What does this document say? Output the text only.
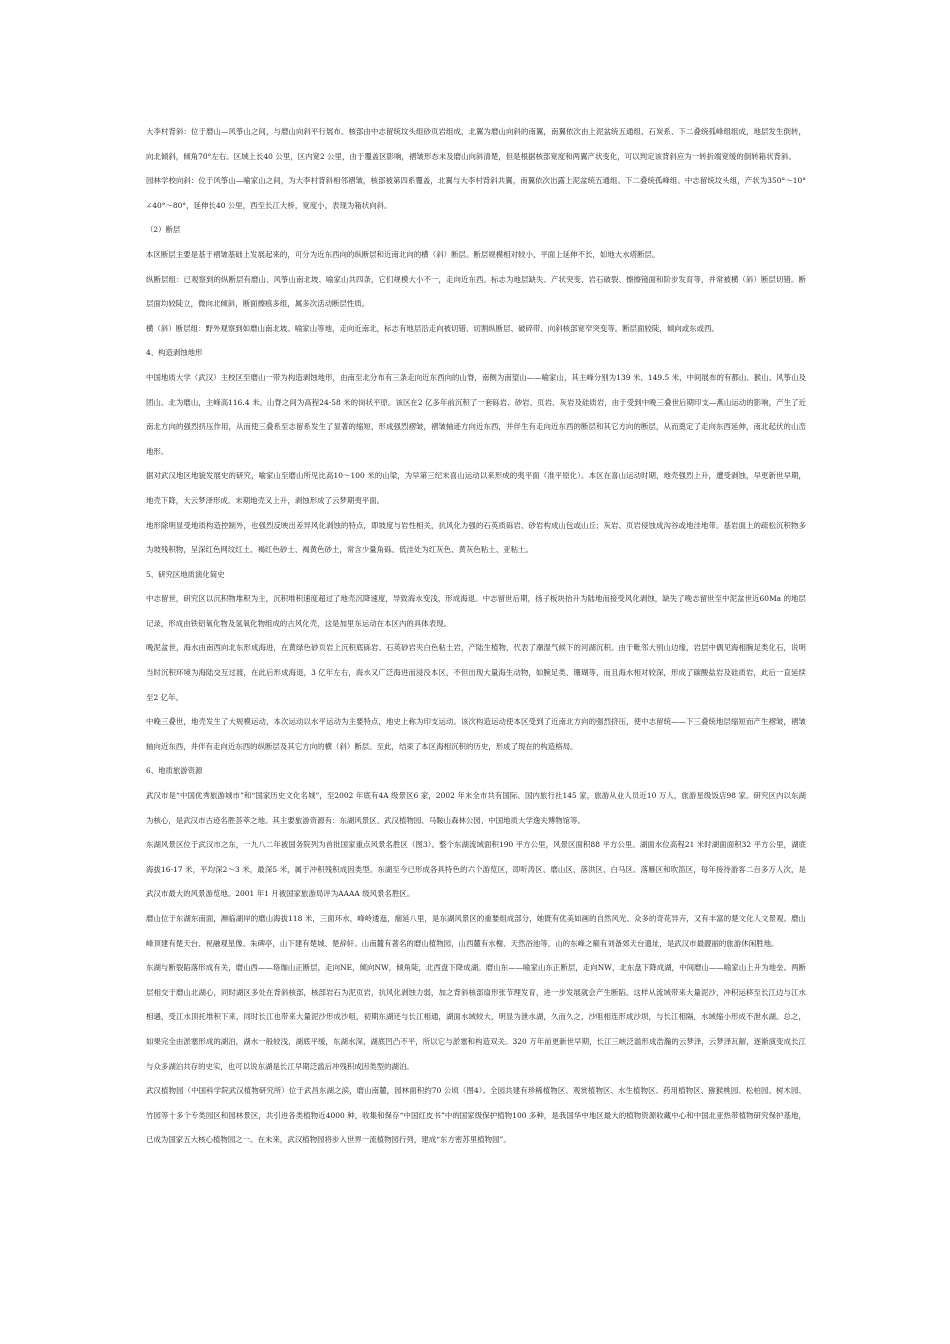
大李村背斜：位于磨山—风筝山之间，与磨山向斜平行展布。核部由中志留统坟头组砂页岩组成，北翼为磨山向斜的南翼，南翼依次由上泥盆统五通组、石炭系、下二叠统孤峰组组成，地层发生倒转，向北倾斜，倾角70°左右。区域上长40 公里，区内宽2 公里，由于覆盖区影响，褶皱形态未及磨山向斜清楚，但是根据核部宽度和两翼产状变化，可以判定该背斜应为一转折端宽缓的倒转箱状背斜。

园林学校向斜：位于风筝山—喻家山之间，为大李村背斜相邻褶皱，核部被第四系覆盖，北翼与大李村背斜共翼，南翼依次出露上泥盆统五通组、下二叠统孤峰组、中志留统坟头组，产状为350°～10°∠40°～80°，延伸长40 公里，西至长江大桥，宽度小，表现为箱状向斜。

（2）断层

本区断层主要是基于褶皱基础上发展起来的，可分为近东西向的纵断层和近南北向的横（斜）断层。断层规模相对较小，平面上延伸不长，如地大水塔断层。

纵断层组：已观察到的纵断层有磨山、风筝山南北坡、喻家山共四条，它们规模大小不一，走向近东西。标志为地层缺失、产状突变、岩石破裂、擦擦镜面和阶步发育等，并常被横（斜）断层切错。断层面均较陡立，微向北倾斜，断面擦痕多组，属多次活动断层性质。

横（斜）断层组：野外观察到如磨山南北坡、喻家山等地，走向近南北，标志有地层沿走向被切错、切割纵断层、破碎带、向斜核部宽窄突变等。断层面较陡，倾向或东或西。

4、构造剥蚀地形

中国地质大学（武汉）主校区至磨山一带为构造剥蚀地形，由南至北分布有三条走向近东西向的山脊，南侧为南望山——喻家山，其主峰分别为139 米、149.5 米，中间展布的有都山、猴山、风筝山及团山。北为磨山，主峰高116.4 米。山脊之间为高程24-58 米的岗状平原。该区在2 亿多年前沉积了一套砾岩、砂岩、页岩、灰岩及硅质岩，由于受到中晚三叠世后期印支—燕山运动的影响，产生了近南北方向的强烈挤压作用，从而使三叠系至志留系发生了显著的缩短，形成强烈褶皱，褶皱轴迹方向近东西，并伴生有走向近东西的断层和其它方向的断层，从而奠定了走向东西延伸，南北起伏的山峦地形。

据对武汉地区地貌发展史的研究，喻家山至磨山所见比高10～100 米的山梁，为早第三纪末喜山运动以来形成的夷平面（准平原化）。本区在喜山运动时期，地壳强烈上升，遭受剥蚀，早更新世早期，地壳下降，大云梦泽形成。末期地壳又上升，剥蚀形成了云梦期夷平面。

地形除明显受地质构造控制外，也强烈反映出差异风化剥蚀的特点，即坡度与岩性相关，抗风化力强的石英质砾岩、砂岩构成山包或山丘；灰岩、页岩侵蚀成沟谷或地洼地带。基岩面上的疏松沉积物多为坡残积物，呈深红色网纹红土、褐红色砂土、褐黄色砂土，常含少量角砾。低洼处为红灰色、黄灰色粘土、亚粘土。

5、研究区地质演化简史

中志留世，研究区以沉积物堆积为主，沉积堆积速度超过了地壳沉降速度，导致海水变浅，形成海退。中志留世后期，扬子板块抬升为陆地而接受风化剥蚀，缺失了晚志留世至中泥盆世近60Ma 的地层记录，形成由铁铝氧化物及氢氧化物组成的古风化壳，这是加里东运动在本区内的具体表现。

晚泥盆世，海水由南西向北东形成海进，在黄绿色砂页岩上沉积底砾岩、石英砂岩夹白色粘土岩，产陆生植物，代表了潮湿气候下的河湖沉积。由于毗邻大别山边缘，岩层中偶见海相腕足类化石，说明当时沉积环境为海陆交互过渡，在此后形成海退，3 亿年左右，海水又广泛海进而浸没本区，不但出现大量海生动物，如腕足类、珊瑚等，而且海水相对较深，形成了碳酸盐岩及硅质岩，此后一直延续至2 亿年。

中晚三叠世，地壳发生了大规模运动，本次运动以水平运动为主要特点，地史上称为印支运动。该次构造运动使本区受到了近南北方向的强烈挤压，使中志留统——下三叠统地层缩短而产生褶皱，褶皱轴向近东西，并伴有走向近东西的纵断层及其它方向的横（斜）断层。至此，结束了本区海相沉积的历史，形成了现在的构造格局。

6、地质旅游资源

武汉市是“中国优秀旅游城市”和“国家历史文化名城”，至2002 年底有4A 级景区6 家，2002 年末全市共有国际、国内旅行社145 家，旅游从业人员近10 万人，旅游星级饭店98 家。研究区内以东湖为核心，是武汉市古迹名胜荟萃之地。其主要旅游资源有：东湖风景区、武汉植物园、马鞍山森林公园、中国地质大学逸夫博物馆等。

东湖风景区位于武汉市之东，一九八二年被国务院列为首批国家重点风景名胜区（图3）。整个东湖流域面积190 平方公里，风景区面积88 平方公里。湖面水位高程21 米时湖面面积32 平方公里，湖底海拔16-17 米，平均深2～3 米，最深5 米，属于冲积残积成因类型。东湖至今已形成各具特色的六个游览区，即听涛区、磨山区、落洪区、白马区、落雁区和吹笛区，每年接待游客二百多万人次，是武汉市最大的风景游览地。2001 年1 月被国家旅游局评为AAAA 级风景名胜区。

磨山位于东湖东南面，濒临湖岸的磨山海拔118 米，三面环水，峰岭逶迤，痼延八里，是东湖风景区的重要组成部分，她既有优美如画的自然风光、众多的奇花异卉，又有丰富的楚文化人文景观。磨山峰顶建有楚天台、祝融观星像、朱碑亭，山下建有楚城、楚辞轩。山南麓有著名的磨山植物园，山西麓有水榭、天然浴池等，山的东峰之巅有刘备郊天台遗址，是武汉市最靓丽的旅游休闲胜地。

东湖与断裂陷落形成有关，磨山西——珞珈山正断层，走向NE，倾向NW，倾角陡，北西盘下降成湖。磨山东——喻家山东正断层，走向NW，北东盘下降成湖，中间磨山——喻家山上升为地垒。两断层相交于磨山北湖心，同时湖区多处在背斜核部，核部岩石为泥页岩，抗风化剥蚀力弱，加之背斜核部扇形张节理发育，进一步发展就会产生断陷。这样从流域带来大量泥沙，冲积运移至长江边与江水相遇，受江水顶托堆积下来，同时长江也带来大量泥沙形成沙咀，初期东湖还与长江相通，湖面水域较大，明显为泄水湖，久而久之，沙咀相连形成沙坝，与长江相隔，水域缩小形成不泄水湖。总之，如果完全由淤塞形成的湖泊，湖水一般较浅，湖底平缓，东湖水深，湖底凹凸不平，所以它与淤塞和构造双关。320 万年前更新世早期，长江三峡泛滥形成浩瀚的云梦泽，云梦泽瓦解，逐渐演变成长江与众多湖泊共存的史实，也可以说东湖是长江早期泛滥后冲残积成因类型的湖泊。

武汉植物园（中国科学院武汉植物研究所）位于武昌东湖之滨，磨山南麓，园林面积约70 公顷（图4）。全园共建有珍稀植物区、观赏植物区、水生植物区、药用植物区、猕猴桃园、松柏园、树木园、竹园等十多个专类园区和园林景区，共引进各类植物近4000 种，收集和保存“中国红皮书”中的国家级保护植物100 多种，是我国华中地区最大的植物资源收藏中心和中国北亚热带植物研究保护基地，已成为国家五大核心植物园之一。在未来，武汉植物园将步入世界一流植物园行列，建成“东方密苏里植物园”。
